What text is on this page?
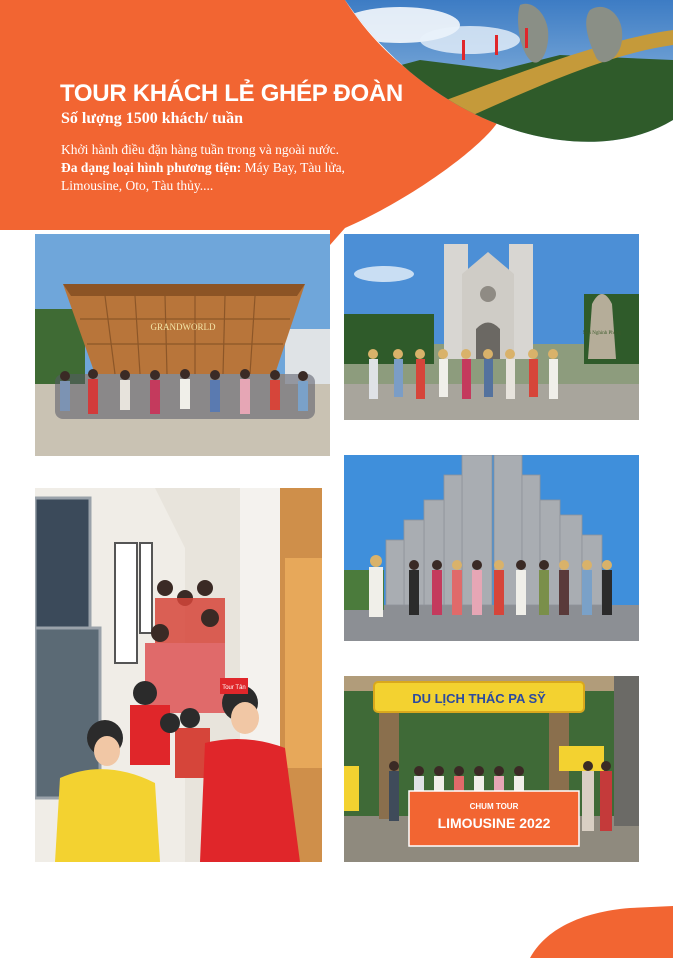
TOUR KHÁCH LẺ GHÉP ĐOÀN

Số lượng 1500 khách/ tuần

Khởi hành điều đặn hàng tuần trong và ngoài nước.
Đa dạng loại hình phương tiện: Máy Bay, Tàu lửa, Limousine, Oto, Tàu thủy....

GRANDWORLD
Mũi Nghinh Phong
Tour Tân
DU LỊCH THÁC PA SỸ
CHUM TOUR
LIMOUSINE 2022
